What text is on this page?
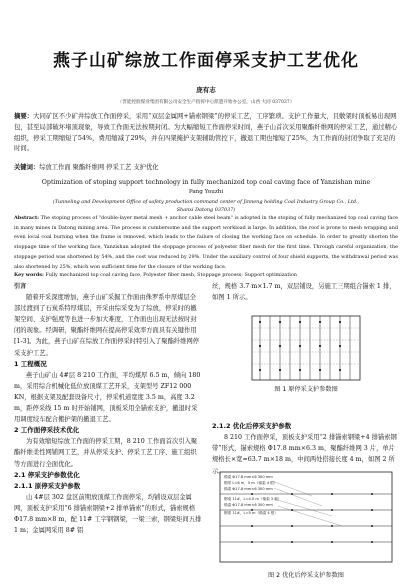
燕子山矿综放工作面停采支护工艺优化
庞有志
（晋能控股煤业集团有限公司安全生产指挥中心派遣开始办公室，山西 大同 037037）
摘要：大同矿区不少矿井综放工作面停采，采用“双层金属网+锚索钢梁”的停采工艺，工序繁琐、支护工作量大，且敷架时顶板易出现网包，甚至局部破坏堵顶现象，导致工作面无法按期封闭。为大幅缩短工作面停采时间，燕子山首次采用聚酯纤维网的停采工艺，通过精心组织，停采工期缩短了54%，费用缩减了29%，并在四架掩护支架辅助管控下，撤退工期也缩短了25%，为工作面的封闭争取了充足的时间。
关键词：综放工作面 聚酯纤维网 停采工艺 支护优化
Optimization of stoping support technology in fully mechanized top coal caving face of Yanzishan mine
Pang Youzhi
(Tunneling and Development Office of safety production command center of Jinneng holding Coal Industry Group Co., Ltd.,
Shanxi Datong 037037)
Abstract: The stoping process of "double-layer metal mesh + anchor cable steel beam" is adopted in the stoping of fully mechanized top coal caving face in many mines in Datong mining area. The process is cumbersome and the support workload is large. In addition, the roof is prone to mesh wrapping and even local coal burning when the frame is removed, which leads to the failure of closing the working face on schedule. In order to greatly shorten the stoppage time of the working face, Yanzishan adopted the stoppage process of polyester fiber mesh for the first time. Through careful organization, the stoppage period was shortened by 54%, and the cost was reduced by 29%. Under the auxiliary control of four shield supports, the withdrawal period was also shortened by 25%, which won sufficient time for the closure of the working face.
Key words: Fully mechanized top coal caving face, Polyester fiber mesh, Stoppage process; Support optimization

引言

随着开采深度增加，燕子山矿采掘工作面由侏罗系中厚煤层全部过渡到了石炭系特厚煤层，开采由综采变为了综放，停采时的撤架空间、支护强度等也进一步加大难度，工作面也出现无法按时封闭的现象。经调研，聚酯纤维网在提高停采效率方面具有关键作用[1-3]。为此，燕子山矿在综放工作面停采时特引入了聚酯纤维网停采支护工艺。

1 工程概况

燕子山矿山 4#层 8 210 工作面，平均煤厚 6.5 m，倾向 180 m，采用综合机械化低位放顶煤工艺开采，支架型号 ZF12 000 KN，根据支架及配套设备尺寸，停采机道宽度 3.5 m，高度 3.2 m，距停采线 15 m 时开始铺网，顶板采用全锚索支护，撤退时采用调度绞车配合搬护架的撤退工艺。

2 工作面停采技术优化

为有效缩短综放工作面的停采工期，8 210 工作面首次引入聚酯纤维柔性网铺网工艺，并从停采支护、停采工艺工序、施工组织等方面进行全面优化。

2.1 停采支护参数优化

2.1.1 原停采支护参数

山 4#层 302 盘区前期放顶煤工作面停采，均铺设双层金属网，顶板支护采用“6 排锚索钢梁+2 排单锚索”的形式，锚索规格 Φ17.8 mm×8 m，配 11# 工字钢钢梁，一梁三索，钢梁矩间五排 1 m；金属网采用 8# 铝

丝，规格 3.7 m×1.7 m，双层铺设，另施工三期组合锚索 1 排，如图 1 所示。

2.1.2 优化后停采支护参数

8 210 工作面停采，顶板支护采用“2 排锚索钢梁+4 排锚索钢带”形式，锚索规格 Φ17.8 mm×6.3 m，聚酯纤维网 3 片，单片规格长×宽=63.7 m×18 m，中间两处搭接长度 4 m，如图 2 所示。

图 1 原停采支护参数图
锚索 Φ17.8 mm×6 300 mm
钢带 L=6 m，5 m（锚索 4 根）
锚索 Φ17.8 mm×6 300 mm
钢梁 11#，L=4.0 m（锚索 3 根）
锚索 Φ17.8 mm×6 300 mm
钢梁 11#，L=5 m（锚索 4 根）
图 2 优化后停采支护参数图
